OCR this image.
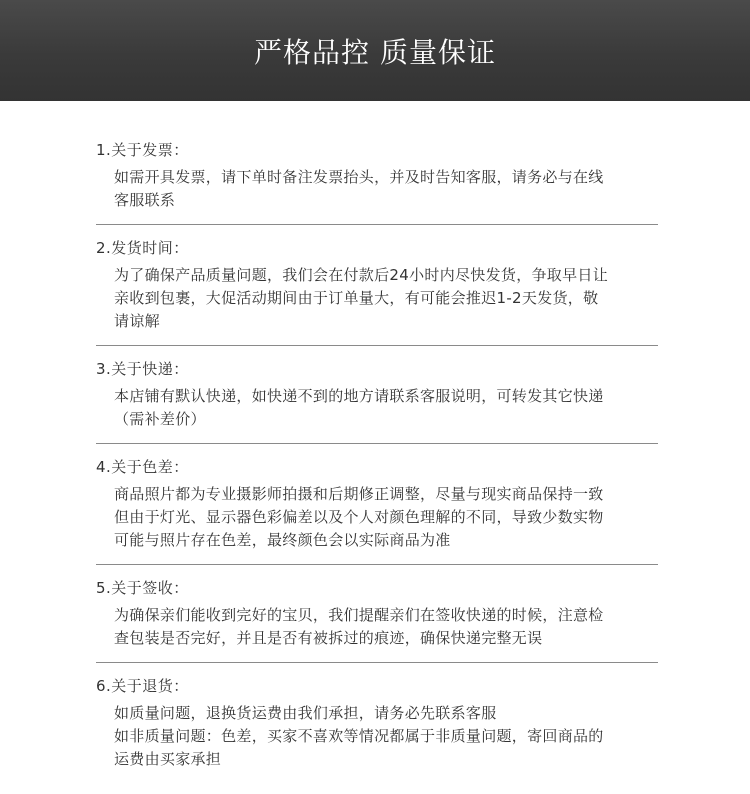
严格品控 质量保证
1.关于发票：
如需开具发票，请下单时备注发票抬头，并及时告知客服，请务必与在线
客服联系
2.发货时间：
为了确保产品质量问题，我们会在付款后24小时内尽快发货，争取早日让
亲收到包裹，大促活动期间由于订单量大，有可能会推迟1-2天发货，敬
请谅解
3.关于快递：
本店铺有默认快递，如快递不到的地方请联系客服说明，可转发其它快递
（需补差价）
4.关于色差：
商品照片都为专业摄影师拍摄和后期修正调整，尽量与现实商品保持一致
但由于灯光、显示器色彩偏差以及个人对颜色理解的不同，导致少数实物
可能与照片存在色差，最终颜色会以实际商品为准
5.关于签收：
为确保亲们能收到完好的宝贝，我们提醒亲们在签收快递的时候，注意检
查包装是否完好，并且是否有被拆过的痕迹，确保快递完整无误
6.关于退货：
如质量问题，退换货运费由我们承担，请务必先联系客服
如非质量问题：色差，买家不喜欢等情况都属于非质量问题，寄回商品的
运费由买家承担
